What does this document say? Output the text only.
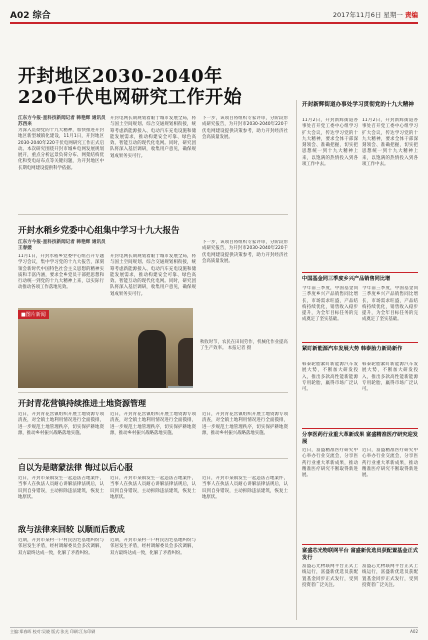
A02 综合	2017年11月6日 星期一 责编
开封地区2030-2040年
220千伏电网研究工作开始
江东方今报·星科技新闻记者 韩艳辉 通讯员 苏西来
为深入贯彻党的十九大精神，加快推进开封地区新型城镇化建设，11月1日，开封地区2030-2040年220千伏电网研究工作正式启动。本次研究围绕开封市城乡电网发展规划展开，重点分析远景负荷分布、网架结构优化和变电站布点等关键问题，为开封地区中长期电网建设提供科学依据。
开封电网长期规划着眼于城市发展全局，将与国土空间规划、综合交通规划相衔接，统筹考虑新能源接入、电动汽车充电设施和储能发展需求，推动构建安全可靠、绿色高效、智能互动的现代化电网。同时，研究团队将深入基层调研，收集用户意见，确保规划成果务实可行。
下一步，该项目将组织专家评审，分阶段形成研究报告，为开封市2030-2040年220千伏电网建设提供决策参考，助力开封经济社会高质量发展。
开封水稻乡党委中心组集中学习十九大报告
江东方今报·星科技新闻记者 韩艳辉 通讯员 王春媛
11月1日，开封水稻乡党委中心组召开专题学习会议，集中学习党的十九大报告，深刻领会新时代中国特色社会主义思想的精神实质和丰富内涵，要求全乡党员干部把思想和行动统一到党的十九大精神上来，以实际行动推动各项工作落地见效。
■图片新闻
秋收时节，农民在田间劳作，机械化作业提高了生产效率。 本报记者 摄
开封电网长期规划着眼于城市发展全局，将与国土空间规划、综合交通规划相衔接，统筹考虑新能源接入、电动汽车充电设施和储能发展需求，推动构建安全可靠、绿色高效、智能互动的现代化电网。同时，研究团队将深入基层调研，收集用户意见，确保规划成果务实可行。
下一步，该项目将组织专家评审，分阶段形成研究报告，为开封市2030-2040年220千伏电网建设提供决策参考，助力开封经济社会高质量发展。
开封青花营镇持续推进土地资源管理
近日，开封青花营镇组织开展土地资源专项清查，对全镇土地利用情况进行全面摸排，进一步规范土地管理秩序，切实保护耕地资源，推动乡村振兴战略落地实施。
近日，开封青花营镇组织开展土地资源专项清查，对全镇土地利用情况进行全面摸排，进一步规范土地管理秩序，切实保护耕地资源，推动乡村振兴战略落地实施。
近日，开封青花营镇组织开展土地资源专项清查，对全镇土地利用情况进行全面摸排，进一步规范土地管理秩序，切实保护耕地资源，推动乡村振兴战略落地实施。
自以为是瞎蒙法律 悔过以后心服
近日，开封市某镇发生一起违法占地案件，当事人在执法人员耐心讲解法律法规后，认识到自身错误，主动拆除违法建筑，恢复土地原状。
近日，开封市某镇发生一起违法占地案件，当事人在执法人员耐心讲解法律法规后，认识到自身错误，主动拆除违法建筑，恢复土地原状。
近日，开封市某镇发生一起违法占地案件，当事人在执法人员耐心讲解法律法规后，认识到自身错误，主动拆除违法建筑，恢复土地原状。
敌与法律来回较 以顺而后教成
近期，开封市某村一户村民因宅基地纠纷与邻居发生矛盾，经村调解委员会多次调解，双方最终达成一致，化解了矛盾纠纷。
近期，开封市某村一户村民因宅基地纠纷与邻居发生矛盾，经村调解委员会多次调解，双方最终达成一致，化解了矛盾纠纷。
开封新辉街道办事处学习贯彻党的十九大精神
11月2日，开封新辉街道办事处召开党工委中心组学习扩大会议，传达学习党的十九大精神，要求全体干部深刻领会、准确把握，切实把思想统一到十九大精神上来，以饱满的热情投入到各项工作中去。
11月2日，开封新辉街道办事处召开党工委中心组学习扩大会议，传达学习党的十九大精神，要求全体干部深刻领会、准确把握，切实把思想统一到十九大精神上来，以饱满的热情投入到各项工作中去。
中国基金同三季度乡兴产品销售同比增
今年前三季度，中国基金同三季度乡兴产品销售同比增长，市场需求旺盛，产品结构持续优化，销售收入稳步提升，为全年目标任务的完成奠定了坚实基础。
今年前三季度，中国基金同三季度乡兴产品销售同比增长，市场需求旺盛，产品结构持续优化，销售收入稳步提升，为全年目标任务的完成奠定了坚实基础。
紧盯新能源汽车发展大势 韩泰胎力新局新作
韩泰轮胎紧盯新能源汽车发展大势，不断加大研发投入，推出多款高性能新能源专用轮胎，赢得市场广泛认可。
韩泰轮胎紧盯新能源汽车发展大势，不断加大研发投入，推出多款高性能新能源专用轮胎，赢得市场广泛认可。
分享医药行业重大革新成果 富盛精准医疗研究迎发展
近日，富盛精准医疗研究中心举办行业交流会，分享医药行业重大革新成果，推动精准医疗研究不断取得新进展。
近日，富盛精准医疗研究中心举办行业交流会，分享医药行业重大革新成果，推动精准医疗研究不断取得新进展。
富盛芯光物联网平台 富盛新优选员获配置基金正式发行
富盛芯光物联网平台正式上线运行，富盛新优选员获配置基金同步正式发行，受到投资者广泛关注。
富盛芯光物联网平台正式上线运行，富盛新优选员获配置基金同步正式发行，受到投资者广泛关注。
主编:郑春晖 校对:吴晓 版式:张光 印刷:江东印刷	A02
